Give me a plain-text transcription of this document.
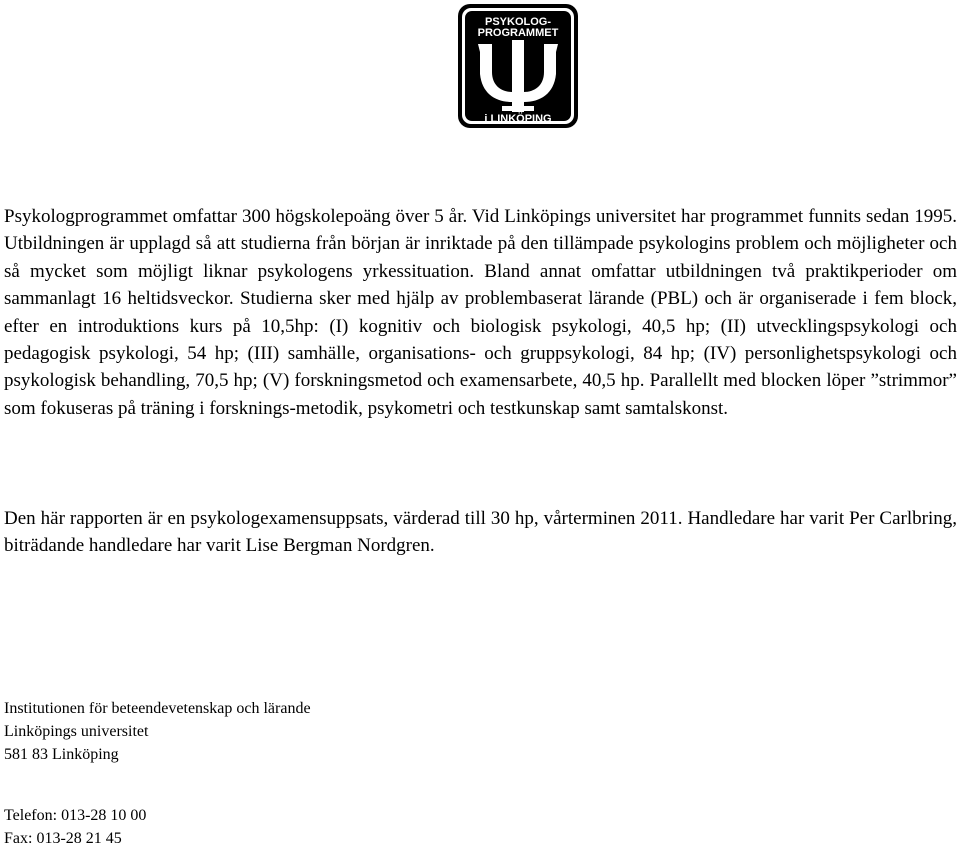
PSYKOLOG-
PROGRAMMET
i LINKÖPING

Psykologprogrammet omfattar 300 högskolepoäng över 5 år. Vid Linköpings universitet har programmet funnits sedan 1995. Utbildningen är upplagd så att studierna från början är inriktade på den tillämpade psykologins problem och möjligheter och så mycket som möjligt liknar psykologens yrkessituation. Bland annat omfattar utbildningen två praktikperioder om sammanlagt 16 heltidsveckor. Studierna sker med hjälp av problembaserat lärande (PBL) och är organiserade i fem block, efter en introduktions kurs på 10,5hp: (I) kognitiv och biologisk psykologi, 40,5 hp; (II) utvecklingspsykologi och pedagogisk psykologi, 54 hp; (III) samhälle, organisations- och gruppsykologi, 84 hp; (IV) personlighetspsykologi och psykologisk behandling, 70,5 hp; (V) forskningsmetod och examensarbete, 40,5 hp. Parallellt med blocken löper ”strimmor” som fokuseras på träning i forsknings-metodik, psykometri och testkunskap samt samtalskonst.

Den här rapporten är en psykologexamensuppsats, värderad till 30 hp, vårterminen 2011. Handledare har varit Per Carlbring, biträdande handledare har varit Lise Bergman Nordgren.

Institutionen för beteendevetenskap och lärande
Linköpings universitet
581 83 Linköping
Telefon: 013-28 10 00
Fax: 013-28 21 45
